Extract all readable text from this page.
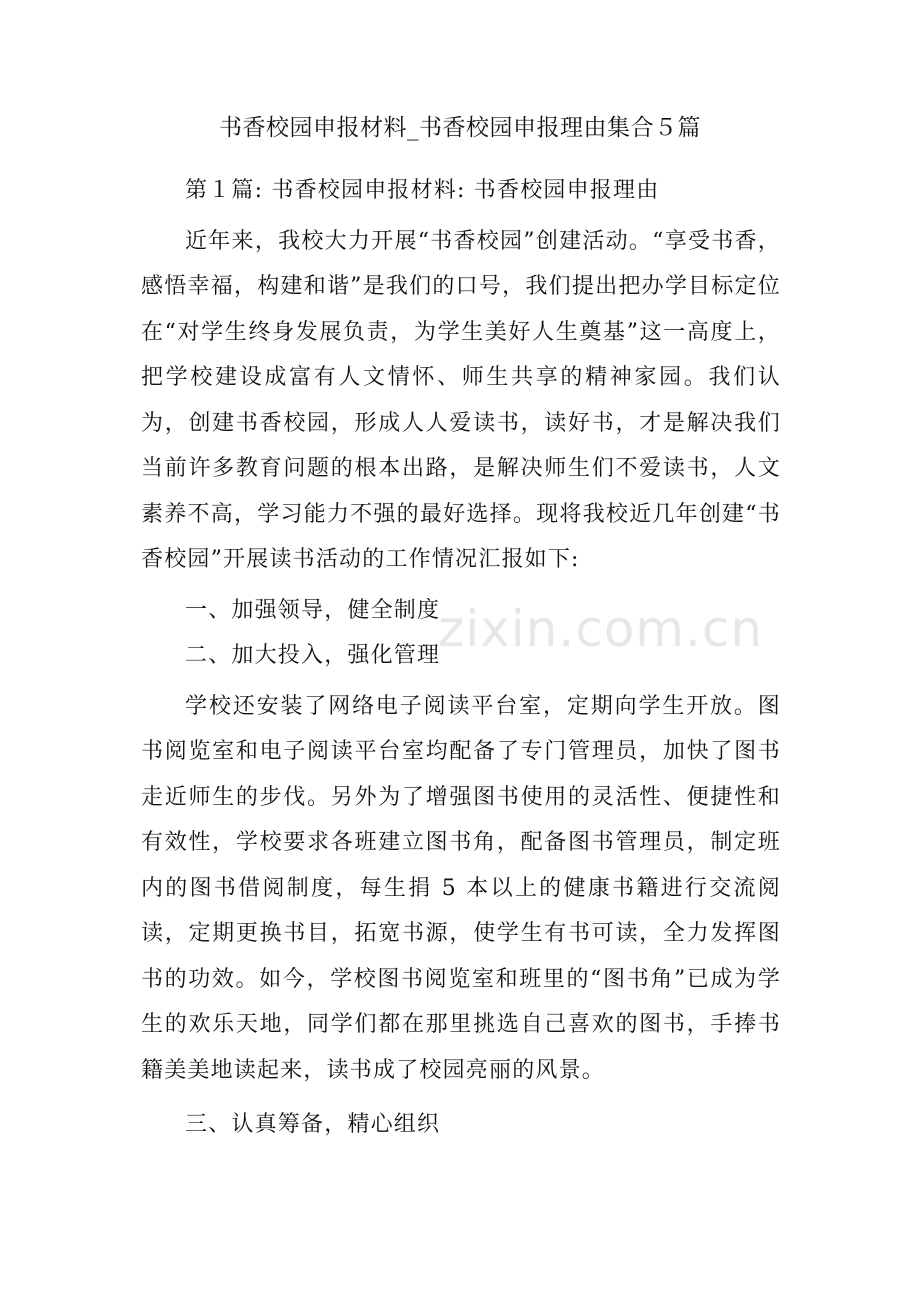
书香校园申报材料_书香校园申报理由集合５篇

第１篇: 书香校园申报材料: 书香校园申报理由

近年来，我校大力开展“书香校园”创建活动。“享受书香，感悟幸福，构建和谐”是我们的口号，我们提出把办学目标定位在“对学生终身发展负责，为学生美好人生奠基”这一高度上，把学校建设成富有人文情怀、师生共享的精神家园。我们认为，创建书香校园，形成人人爱读书，读好书，才是解决我们当前许多教育问题的根本出路，是解决师生们不爱读书，人文素养不高，学习能力不强的最好选择。现将我校近几年创建“书香校园”开展读书活动的工作情况汇报如下:

一、加强领导，健全制度

二、加大投入，强化管理

学校还安装了网络电子阅读平台室，定期向学生开放。图书阅览室和电子阅读平台室均配备了专门管理员，加快了图书走近师生的步伐。另外为了增强图书使用的灵活性、便捷性和有效性，学校要求各班建立图书角，配备图书管理员，制定班内的图书借阅制度，每生捐 5 本以上的健康书籍进行交流阅读，定期更换书目，拓宽书源，使学生有书可读，全力发挥图书的功效。如今，学校图书阅览室和班里的“图书角”已成为学生的欢乐天地，同学们都在那里挑选自己喜欢的图书，手捧书籍美美地读起来，读书成了校园亮丽的风景。

三、认真筹备，精心组织

zixin.com.cn
